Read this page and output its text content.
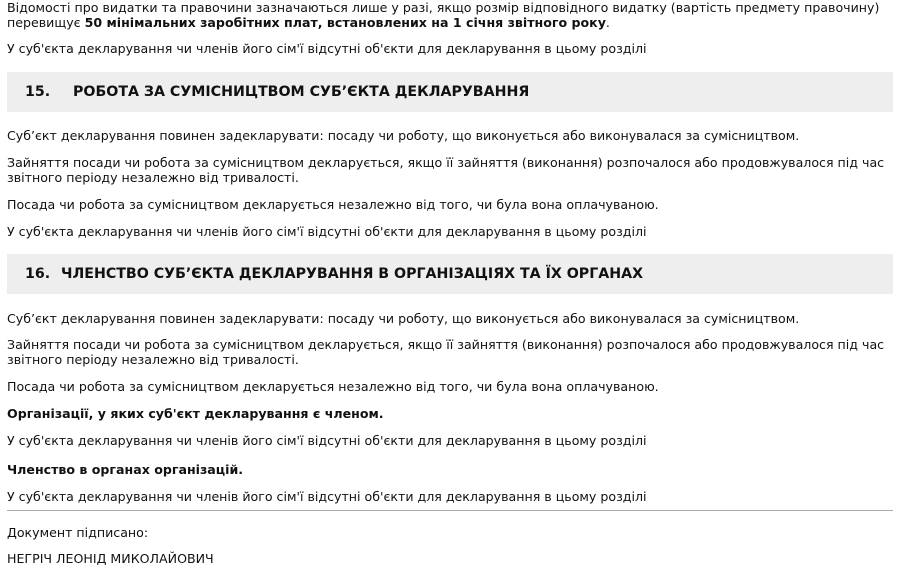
Відомості про видатки та правочини зазначаються лише у разі, якщо розмір відповідного видатку (вартість предмету правочину)
перевищує 50 мінімальних заробітних плат, встановлених на 1 січня звітного року.

У суб'єкта декларування чи членів його сім'ї відсутні об'єкти для декларування в цьому розділі

15. РОБОТА ЗА СУМІСНИЦТВОМ СУБ’ЄКТА ДЕКЛАРУВАННЯ

Суб’єкт декларування повинен задекларувати: посаду чи роботу, що виконується або виконувалася за сумісництвом.

Зайняття посади чи робота за сумісництвом декларується, якщо її зайняття (виконання) розпочалося або продовжувалося під час
звітного періоду незалежно від тривалості.

Посада чи робота за сумісництвом декларується незалежно від того, чи була вона оплачуваною.

У суб'єкта декларування чи членів його сім'ї відсутні об'єкти для декларування в цьому розділі

16. ЧЛЕНСТВО СУБ’ЄКТА ДЕКЛАРУВАННЯ В ОРГАНІЗАЦІЯХ ТА ЇХ ОРГАНАХ

Суб’єкт декларування повинен задекларувати: посаду чи роботу, що виконується або виконувалася за сумісництвом.

Зайняття посади чи робота за сумісництвом декларується, якщо її зайняття (виконання) розпочалося або продовжувалося під час
звітного періоду незалежно від тривалості.

Посада чи робота за сумісництвом декларується незалежно від того, чи була вона оплачуваною.

Організації, у яких суб'єкт декларування є членом.

У суб'єкта декларування чи членів його сім'ї відсутні об'єкти для декларування в цьому розділі

Членство в органах організацій.

У суб'єкта декларування чи членів його сім'ї відсутні об'єкти для декларування в цьому розділі

Документ підписано:

НЕГРІЧ ЛЕОНІД МИКОЛАЙОВИЧ
